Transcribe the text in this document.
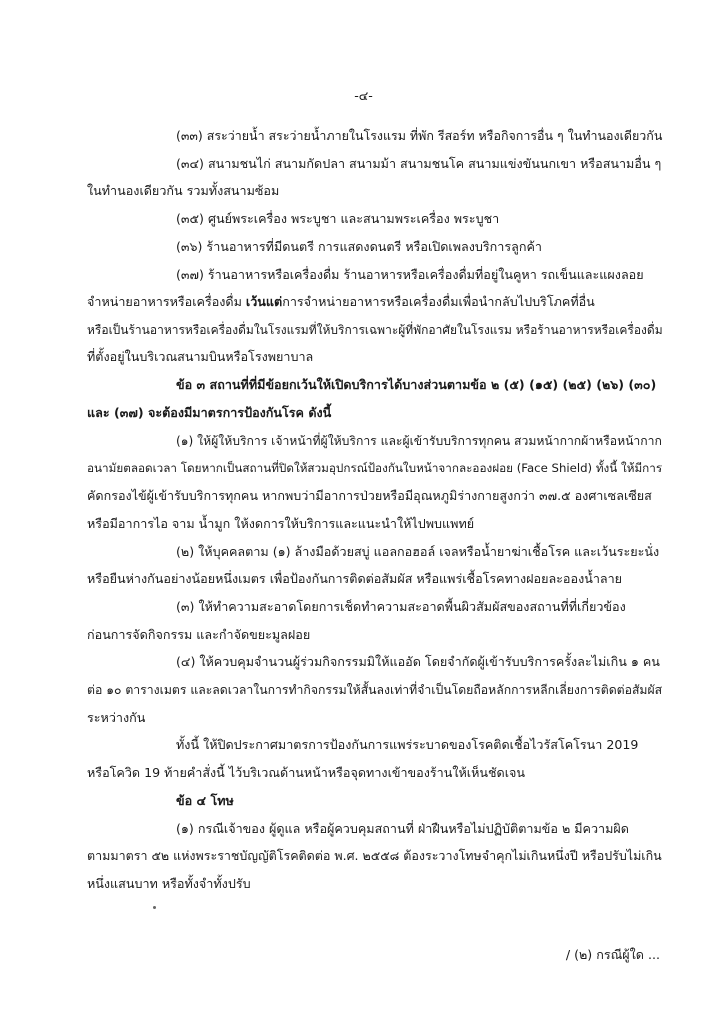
-๔-
(๓๓) สระว่ายน้ำ สระว่ายน้ำภายในโรงแรม ที่พัก รีสอร์ท หรือกิจการอื่น ๆ ในทำนองเดียวกัน
(๓๔) สนามชนไก่ สนามกัดปลา สนามม้า สนามชนโค สนามแข่งขันนกเขา หรือสนามอื่น ๆ
ในทำนองเดียวกัน รวมทั้งสนามซ้อม
(๓๕) ศูนย์พระเครื่อง พระบูชา และสนามพระเครื่อง พระบูชา
(๓๖) ร้านอาหารที่มีดนตรี การแสดงดนตรี หรือเปิดเพลงบริการลูกค้า
(๓๗) ร้านอาหารหรือเครื่องดื่ม ร้านอาหารหรือเครื่องดื่มที่อยู่ในคูหา รถเข็นและแผงลอย
จำหน่ายอาหารหรือเครื่องดื่ม เว้นแต่การจำหน่ายอาหารหรือเครื่องดื่มเพื่อนำกลับไปบริโภคที่อื่น
หรือเป็นร้านอาหารหรือเครื่องดื่มในโรงแรมที่ให้บริการเฉพาะผู้ที่พักอาศัยในโรงแรม หรือร้านอาหารหรือเครื่องดื่ม
ที่ตั้งอยู่ในบริเวณสนามบินหรือโรงพยาบาล
ข้อ ๓ สถานที่ที่มีข้อยกเว้นให้เปิดบริการได้บางส่วนตามข้อ ๒ (๕) (๑๕) (๒๕) (๒๖) (๓๐)
และ (๓๗) จะต้องมีมาตรการป้องกันโรค ดังนี้
(๑) ให้ผู้ให้บริการ เจ้าหน้าที่ผู้ให้บริการ และผู้เข้ารับบริการทุกคน สวมหน้ากากผ้าหรือหน้ากาก
อนามัยตลอดเวลา โดยหากเป็นสถานที่ปิดให้สวมอุปกรณ์ป้องกันใบหน้าจากละอองฝอย (Face Shield) ทั้งนี้ ให้มีการ
คัดกรองไข้ผู้เข้ารับบริการทุกคน หากพบว่ามีอาการป่วยหรือมีอุณหภูมิร่างกายสูงกว่า ๓๗.๕ องศาเซลเซียส
หรือมีอาการไอ จาม น้ำมูก ให้งดการให้บริการและแนะนำให้ไปพบแพทย์
(๒) ให้บุคคลตาม (๑) ล้างมือด้วยสบู่ แอลกอฮอล์ เจลหรือน้ำยาฆ่าเชื้อโรค และเว้นระยะนั่ง
หรือยืนห่างกันอย่างน้อยหนึ่งเมตร เพื่อป้องกันการติดต่อสัมผัส หรือแพร่เชื้อโรคทางฝอยละอองน้ำลาย
(๓) ให้ทำความสะอาดโดยการเช็ดทำความสะอาดพื้นผิวสัมผัสของสถานที่ที่เกี่ยวข้อง
ก่อนการจัดกิจกรรม และกำจัดขยะมูลฝอย
(๔) ให้ควบคุมจำนวนผู้ร่วมกิจกรรมมิให้แออัด โดยจำกัดผู้เข้ารับบริการครั้งละไม่เกิน ๑ คน
ต่อ ๑๐ ตารางเมตร และลดเวลาในการทำกิจกรรมให้สั้นลงเท่าที่จำเป็นโดยถือหลักการหลีกเลี่ยงการติดต่อสัมผัส
ระหว่างกัน
ทั้งนี้ ให้ปิดประกาศมาตรการป้องกันการแพร่ระบาดของโรคติดเชื้อไวรัสโคโรนา 2019
หรือโควิด 19 ท้ายคำสั่งนี้ ไว้บริเวณด้านหน้าหรือจุดทางเข้าของร้านให้เห็นชัดเจน
ข้อ ๔ โทษ
(๑) กรณีเจ้าของ ผู้ดูแล หรือผู้ควบคุมสถานที่ ฝ่าฝืนหรือไม่ปฏิบัติตามข้อ ๒ มีความผิด
ตามมาตรา ๕๒ แห่งพระราชบัญญัติโรคติดต่อ พ.ศ. ๒๕๕๘ ต้องระวางโทษจำคุกไม่เกินหนึ่งปี หรือปรับไม่เกิน
หนึ่งแสนบาท หรือทั้งจำทั้งปรับ
/ (๒) กรณีผู้ใด ...
